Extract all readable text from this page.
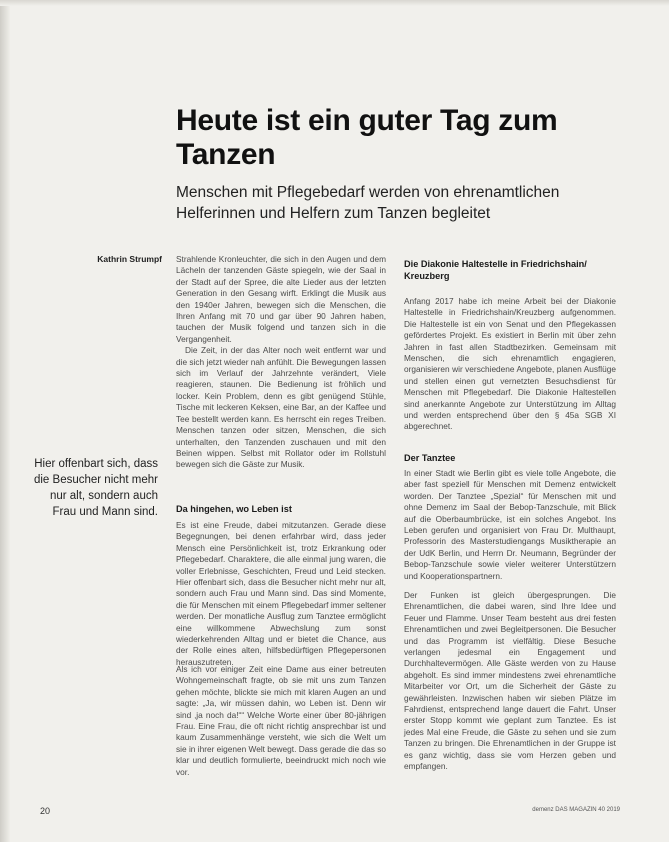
Heute ist ein guter Tag zum Tanzen
Menschen mit Pflegebedarf werden von ehrenamtlichen Helferinnen und Helfern zum Tanzen begleitet
Kathrin Strumpf
Hier offenbart sich, dass die Besucher nicht mehr nur alt, sondern auch Frau und Mann sind.

Strahlende Kronleuchter, die sich in den Augen und dem Lächeln der tanzenden Gäste spiegeln, wie der Saal in der Stadt auf der Spree, die alte Lieder aus der letzten Generation in den Gesang wirft. Erklingt die Musik aus den 1940er Jahren, bewegen sich die Menschen, die Ihren Anfang mit 70 und gar über 90 Jahren haben, tauchen der Musik folgend und tanzen sich in die Vergangenheit.

Die Zeit, in der das Alter noch weit entfernt war und die sich jetzt wieder nah anfühlt. Die Bewegungen lassen sich im Verlauf der Jahrzehnte verändert, Viele reagieren, staunen. Die Bedienung ist fröhlich und locker. Kein Problem, denn es gibt genügend Stühle, Tische mit leckeren Keksen, eine Bar, an der Kaffee und Tee bestellt werden kann. Es herrscht ein reges Treiben. Menschen tanzen oder sitzen, Menschen, die sich unterhalten, den Tanzenden zuschauen und mit den Beinen wippen. Selbst mit Rollator oder im Rollstuhl bewegen sich die Gäste zur Musik.

Da hingehen, wo Leben ist

Es ist eine Freude, dabei mitzutanzen. Gerade diese Begegnungen, bei denen erfahrbar wird, dass jeder Mensch eine Persönlichkeit ist, trotz Erkrankung oder Pflegebedarf. Charaktere, die alle einmal jung waren, die voller Erlebnisse, Geschichten, Freud und Leid stecken. Hier offenbart sich, dass die Besucher nicht mehr nur alt, sondern auch Frau und Mann sind. Das sind Momente, die für Menschen mit einem Pflegebedarf immer seltener werden. Der monatliche Ausflug zum Tanztee ermöglicht eine willkommene Abwechslung zum sonst wiederkehrenden Alltag und er bietet die Chance, aus der Rolle eines alten, hilfsbedürftigen Pflegepersonen herauszutreten.

Als ich vor einiger Zeit eine Dame aus einer betreuten Wohngemeinschaft fragte, ob sie mit uns zum Tanzen gehen möchte, blickte sie mich mit klaren Augen an und sagte: „Ja, wir müssen dahin, wo Leben ist. Denn wir sind ‚ja noch da!““ Welche Worte einer über 80-jährigen Frau. Eine Frau, die oft nicht richtig ansprechbar ist und kaum Zusammenhänge versteht, wie sich die Welt um sie in ihrer eigenen Welt bewegt. Dass gerade die das so klar und deutlich formulierte, beeindruckt mich noch wie vor.

Die Diakonie Haltestelle in Friedrichshain/ Kreuzberg

Anfang 2017 habe ich meine Arbeit bei der Diakonie Haltestelle in Friedrichshain/Kreuzberg aufgenommen. Die Haltestelle ist ein von Senat und den Pflegekassen gefördertes Projekt. Es existiert in Berlin mit über zehn Jahren in fast allen Stadtbezirken. Gemeinsam mit Menschen, die sich ehrenamtlich engagieren, organisieren wir verschiedene Angebote, planen Ausflüge und stellen einen gut vernetzten Besuchsdienst für Menschen mit Pflegebedarf. Die Diakonie Haltestellen sind anerkannte Angebote zur Unterstützung im Alltag und werden entsprechend über den § 45a SGB XI abgerechnet.

Der Tanztee

In einer Stadt wie Berlin gibt es viele tolle Angebote, die aber fast speziell für Menschen mit Demenz entwickelt worden. Der Tanztee „Spezial“ für Menschen mit und ohne Demenz im Saal der Bebop-Tanzschule, mit Blick auf die Oberbaumbrücke, ist ein solches Angebot. Ins Leben gerufen und organisiert von Frau Dr. Multhaupt, Professorin des Masterstudiengangs Musiktherapie an der UdK Berlin, und Herrn Dr. Neumann, Begründer der Bebop-Tanzschule sowie vieler weiterer Unterstützern und Kooperationspartnern.

Der Funken ist gleich übergesprungen. Die Ehrenamtlichen, die dabei waren, sind Ihre Idee und Feuer und Flamme. Unser Team besteht aus drei festen Ehrenamtlichen und zwei Begleitpersonen. Die Besucher und das Programm ist vielfältig. Diese Besuche verlangen jedesmal ein Engagement und Durchhaltevermögen. Alle Gäste werden von zu Hause abgeholt. Es sind immer mindestens zwei ehrenamtliche Mitarbeiter vor Ort, um die Sicherheit der Gäste zu gewährleisten. Inzwischen haben wir sieben Plätze im Fahrdienst, entsprechend lange dauert die Fahrt. Unser erster Stopp kommt wie geplant zum Tanztee. Es ist jedes Mal eine Freude, die Gäste zu sehen und sie zum Tanzen zu bringen. Die Ehrenamtlichen in der Gruppe ist es ganz wichtig, dass sie vom Herzen geben und empfangen.

20	demenz DAS MAGAZIN 40 2019
